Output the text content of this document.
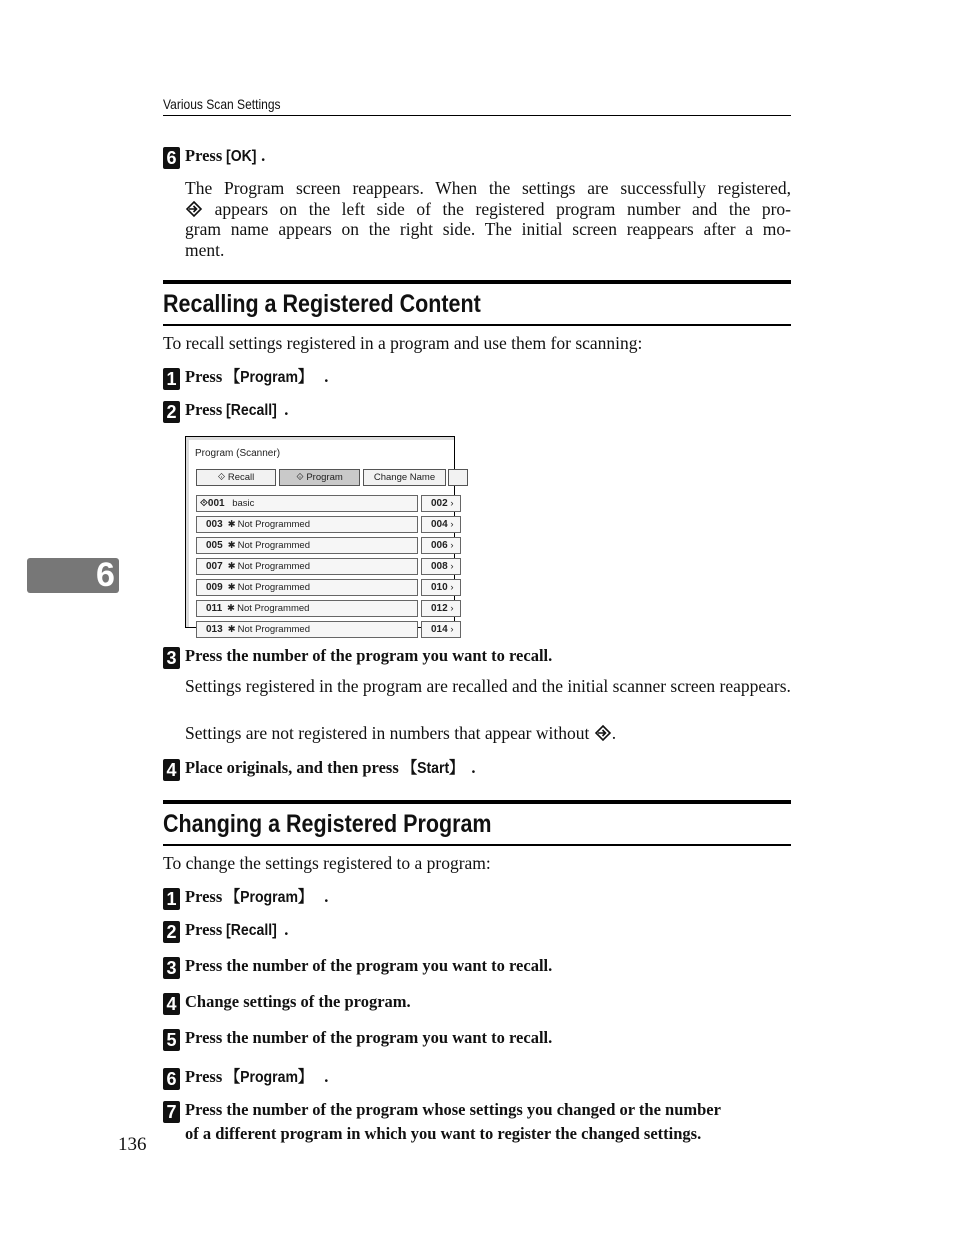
Various Scan Settings
6 Press [OK] .
The Program screen reappears. When the settings are successfully registered,
appears on the left side of the registered program number and the pro-
gram name appears on the right side. The initial screen reappears after a mo-
ment.
Recalling a Registered Content
To recall settings registered in a program and use them for scanning:
1 Press 【Program】 .
2 Press [Recall] .
Program (Scanner)
⟐ Recall	⟐ Program	Change Name
⟐001 basic	002 ›
003 ✱ Not Programmed	004 ›
005 ✱ Not Programmed	006 ›
007 ✱ Not Programmed	008 ›
009 ✱ Not Programmed	010 ›
011 ✱ Not Programmed	012 ›
013 ✱ Not Programmed	014 ›
3 Press the number of the program you want to recall.
Settings registered in the program are recalled and the initial scanner screen reappears.
Settings are not registered in numbers that appear without .
4 Place originals, and then press 【Start】 .
Changing a Registered Program
To change the settings registered to a program:
1 Press 【Program】 .
2 Press [Recall] .
3 Press the number of the program you want to recall.
4 Change settings of the program.
5 Press the number of the program you want to recall.
6 Press 【Program】 .
7 Press the number of the program whose settings you changed or the number
of a different program in which you want to register the changed settings.
6
136
